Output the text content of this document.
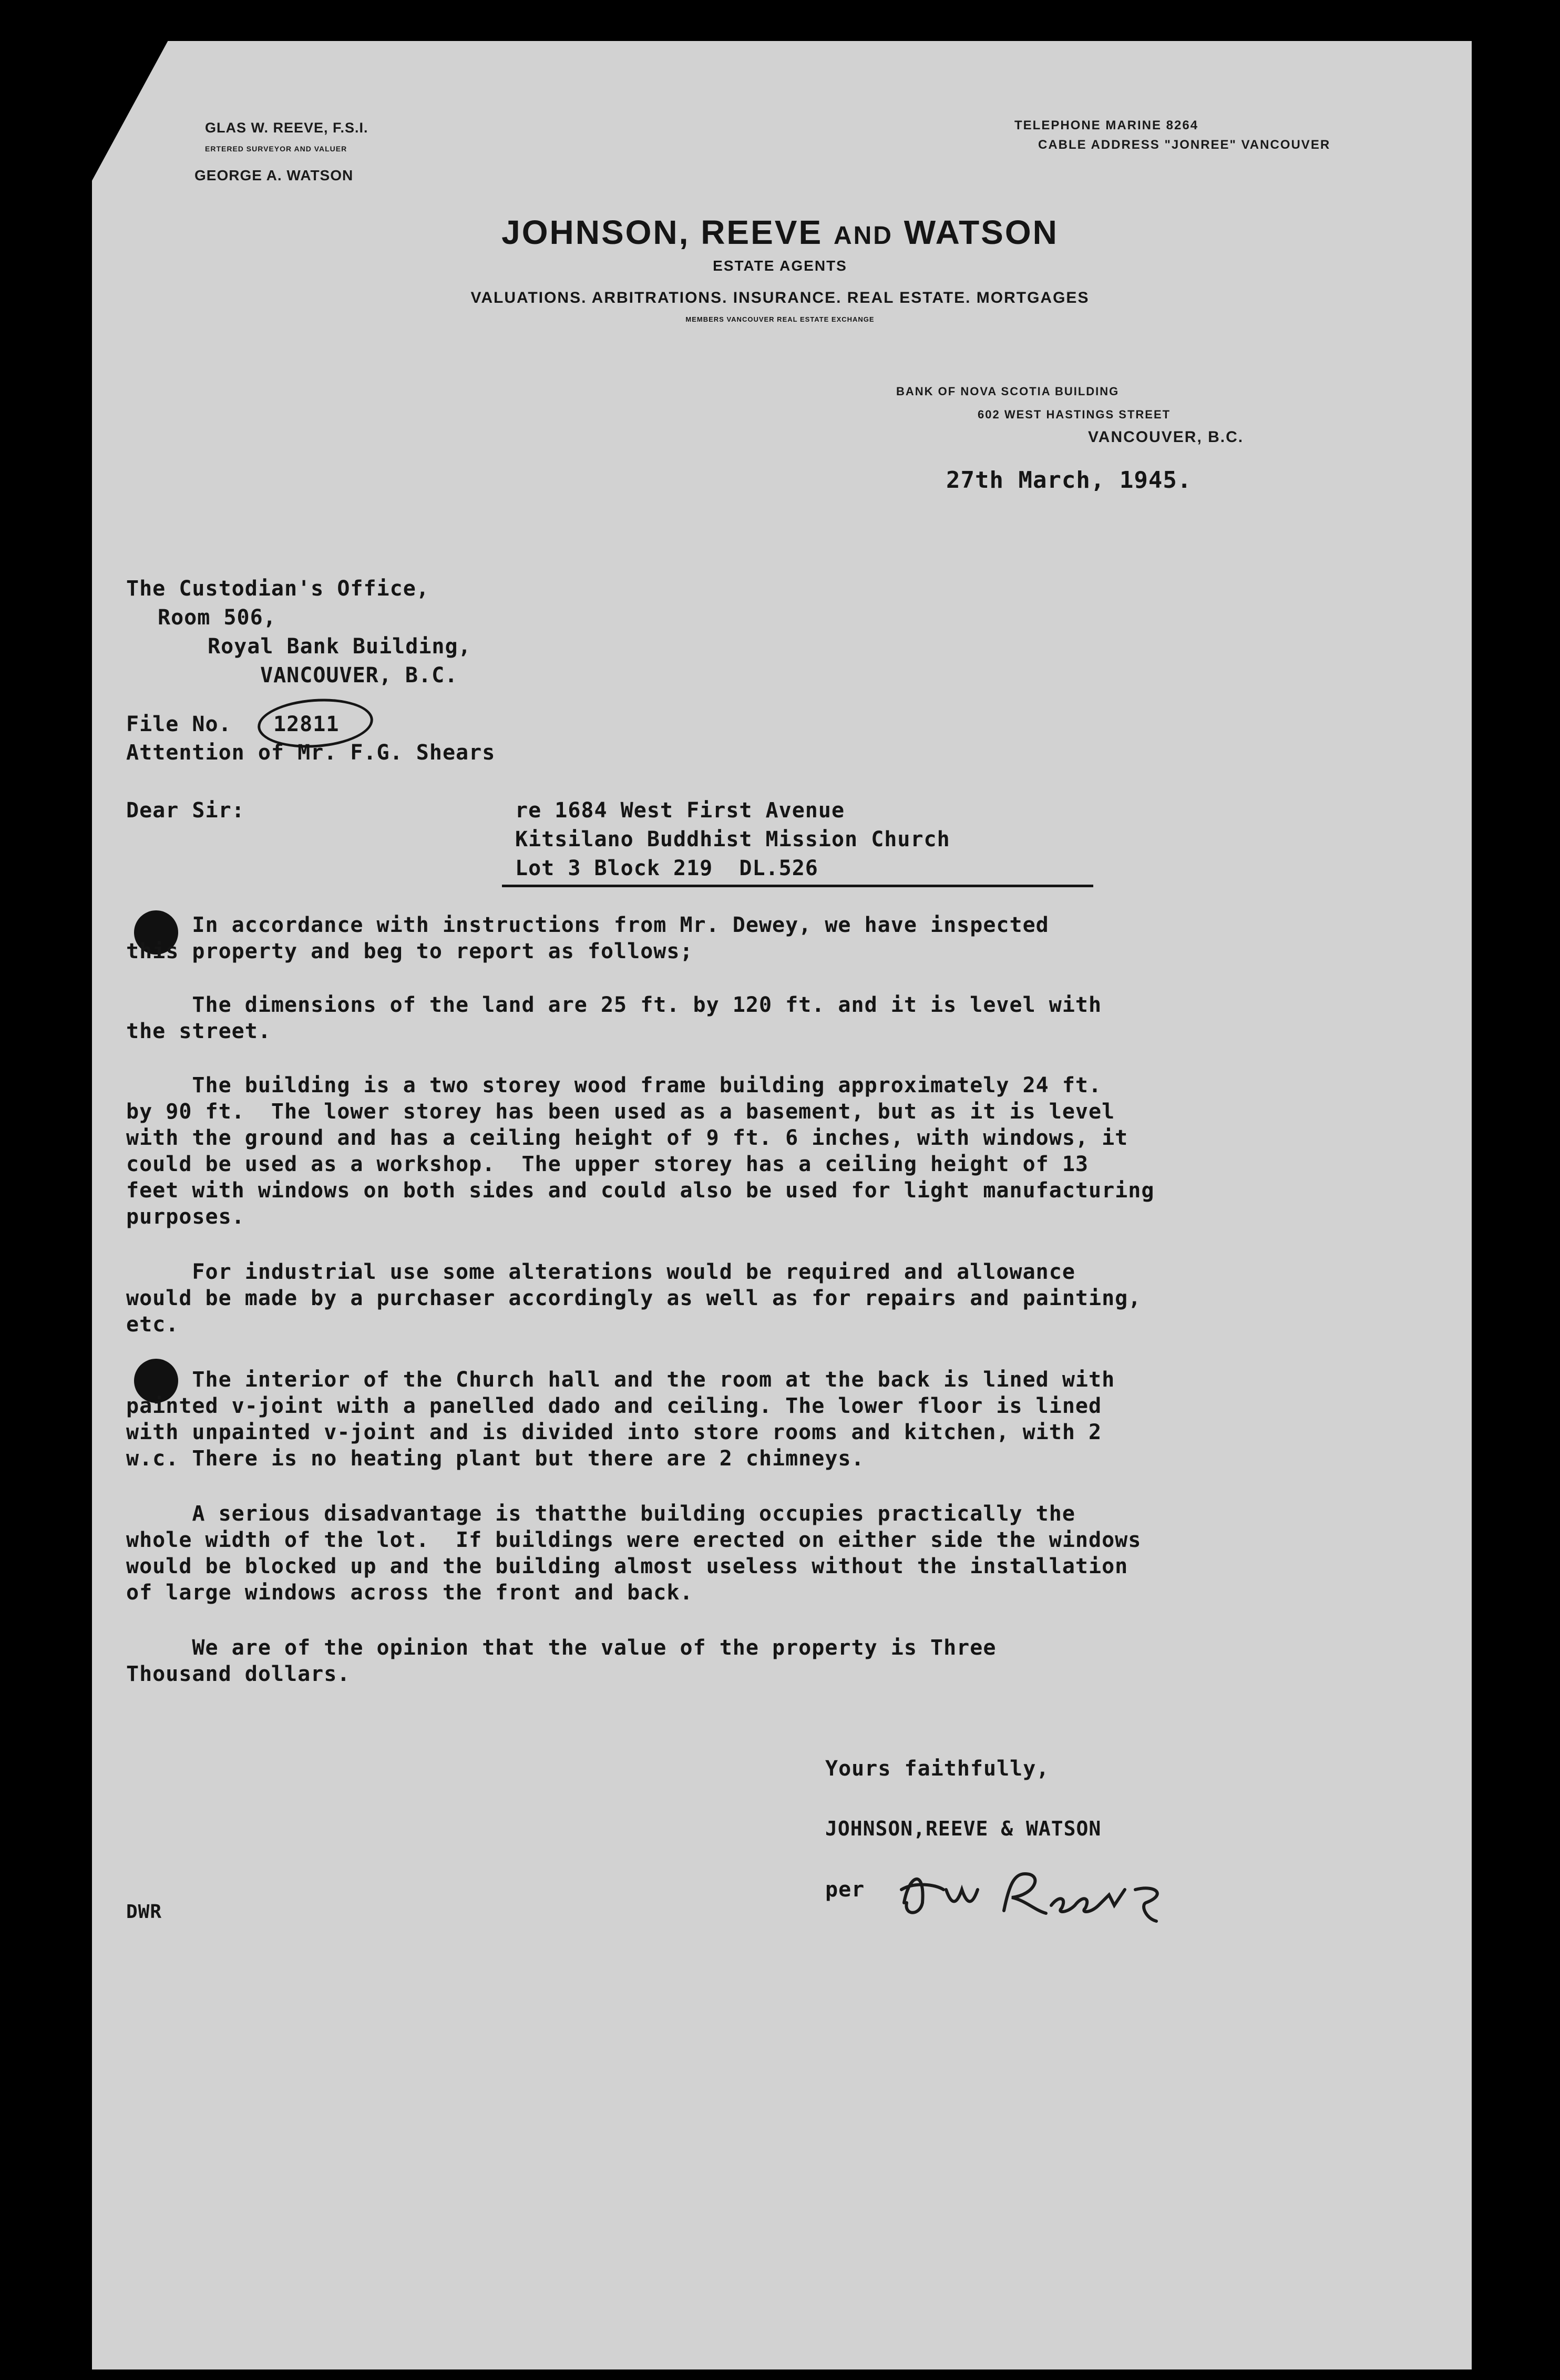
GLAS W. REEVE, F.S.I.
ERTERED SURVEYOR AND VALUER
GEORGE A. WATSON
TELEPHONE MARINE 8264
CABLE ADDRESS "JONREE" VANCOUVER
JOHNSON, REEVE AND WATSON
ESTATE AGENTS
VALUATIONS. ARBITRATIONS. INSURANCE. REAL ESTATE. MORTGAGES
MEMBERS VANCOUVER REAL ESTATE EXCHANGE
BANK OF NOVA SCOTIA BUILDING
602 WEST HASTINGS STREET
VANCOUVER, B.C.
27th March, 1945.
The Custodian's Office,
Room 506,
Royal Bank Building,
VANCOUVER, B.C.
File No. 12811
Attention of Mr. F.G. Shears
Dear Sir:	re 1684 West First Avenue
Kitsilano Buddhist Mission Church
Lot 3 Block 219  DL.526
In accordance with instructions from Mr. Dewey, we have inspected
this property and beg to report as follows;
The dimensions of the land are 25 ft. by 120 ft. and it is level with
the street.
The building is a two storey wood frame building approximately 24 ft.
by 90 ft.  The lower storey has been used as a basement, but as it is level
with the ground and has a ceiling height of 9 ft. 6 inches, with windows, it
could be used as a workshop.  The upper storey has a ceiling height of 13
feet with windows on both sides and could also be used for light manufacturing
purposes.
For industrial use some alterations would be required and allowance
would be made by a purchaser accordingly as well as for repairs and painting,
etc.
The interior of the Church hall and the room at the back is lined with
painted v-joint with a panelled dado and ceiling. The lower floor is lined
with unpainted v-joint and is divided into store rooms and kitchen, with 2
w.c. There is no heating plant but there are 2 chimneys.
A serious disadvantage is thatthe building occupies practically the
whole width of the lot.  If buildings were erected on either side the windows
would be blocked up and the building almost useless without the installation
of large windows across the front and back.
We are of the opinion that the value of the property is Three
Thousand dollars.
Yours faithfully,
JOHNSON,REEVE & WATSON
per
DWR
